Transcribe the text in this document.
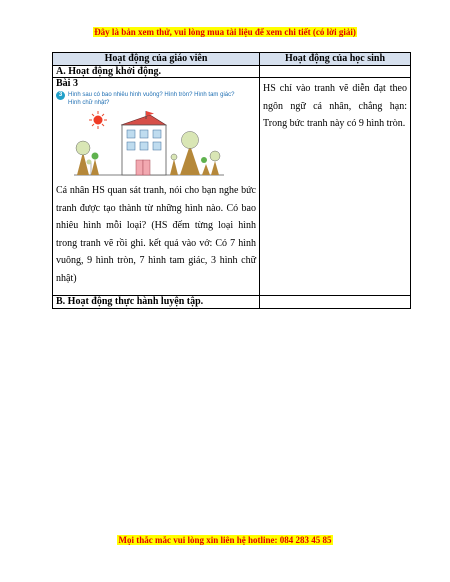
Đây là bản xem thử, vui lòng mua tài liệu để xem chi tiết (có lời giải)
Hoạt động của giáo viên	Hoạt động của học sinh
A. Hoạt động khởi động.	

Bài 3
3 Hình sau có bao nhiêu hình vuông? Hình tròn? Hình tam giác? Hình chữ nhật?
Cá nhân HS quan sát tranh, nói cho bạn nghe bức tranh được tạo thành từ những hình nào. Có bao nhiêu hình mỗi loại? (HS đếm từng loại hình trong tranh vẽ rồi ghi. kết quả vào vở: Có 7 hình vuông, 9 hình tròn, 7 hình tam giác, 3 hình chữ nhật)	HS chỉ vào tranh vẽ diễn đạt theo ngôn ngữ cá nhân, chẳng hạn: Trong bức tranh này có 9 hình tròn.

B. Hoạt động thực hành luyện tập.	
Mọi thắc mắc vui lòng xin liên hệ hotline: 084 283 45 85
